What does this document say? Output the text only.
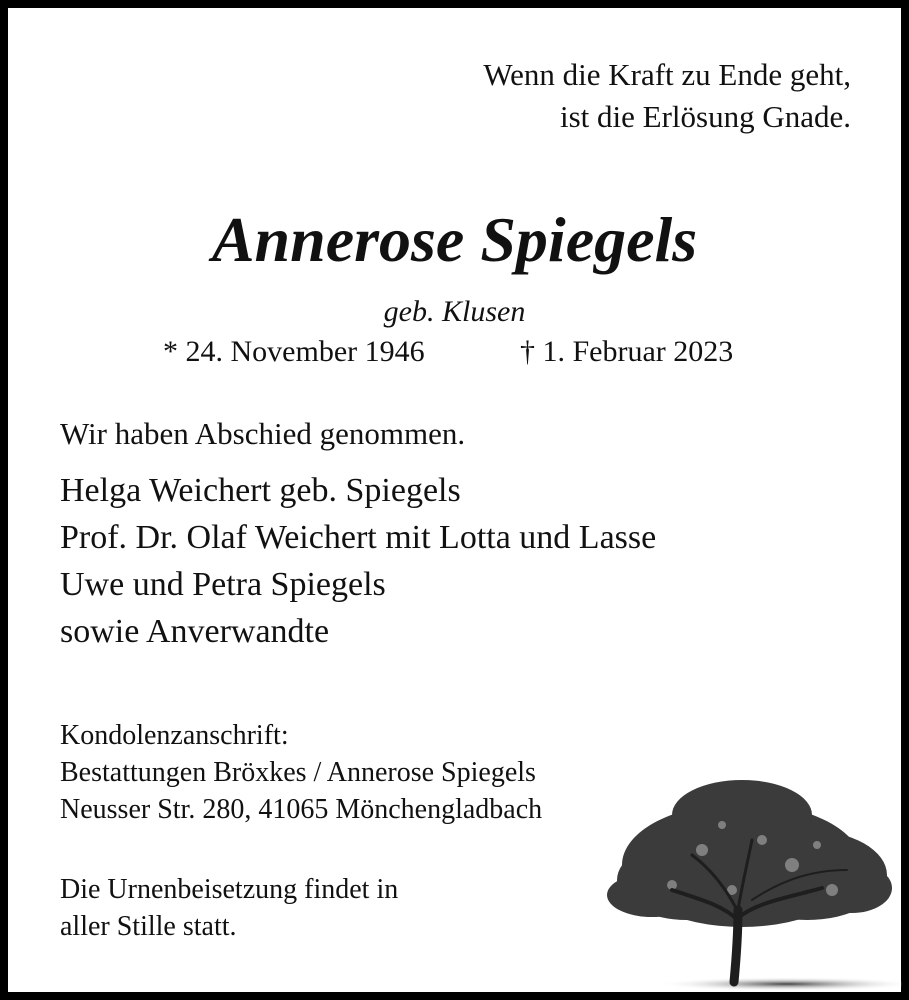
Wenn die Kraft zu Ende geht,
ist die Erlösung Gnade.
Annerose Spiegels
geb. Klusen
* 24. November 1946	† 1. Februar 2023
Wir haben Abschied genommen.
Helga Weichert geb. Spiegels
Prof. Dr. Olaf Weichert mit Lotta und Lasse
Uwe und Petra Spiegels
sowie Anverwandte
Kondolenzanschrift:
Bestattungen Bröxkes / Annerose Spiegels
Neusser Str. 280, 41065 Mönchengladbach
Die Urnenbeisetzung findet in
aller Stille statt.
